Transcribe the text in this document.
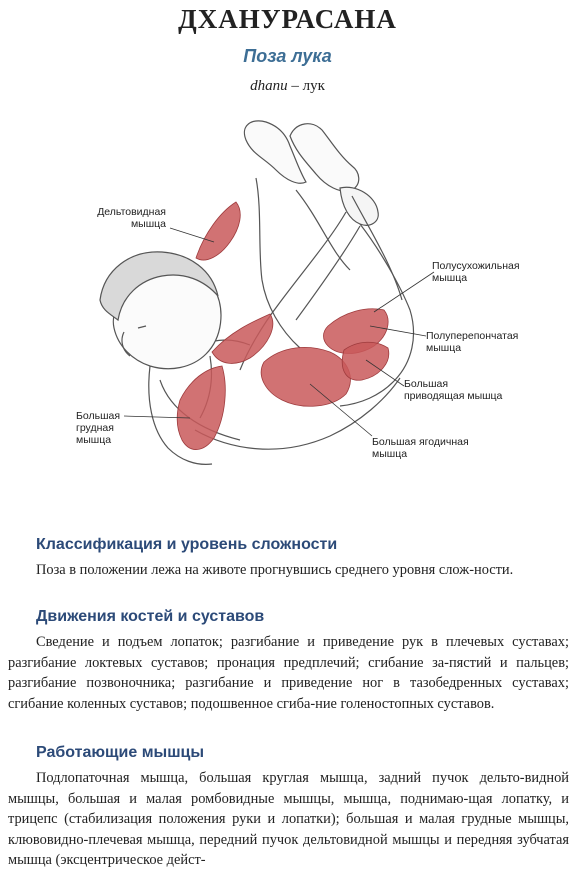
ДХАНУРАСАНА
Поза лука
dhanu – лук
Дельтовидная
мышца
Полусухожильная
мышца
Полуперепончатая
мышца
Большая
приводящая мышца
Большая
грудная
мышца	Большая ягодичная
мышца
Классификация и уровень сложности
Поза в положении лежа на животе прогнувшись среднего уровня слож-ности.
Движения костей и суставов
Сведение и подъем лопаток; разгибание и приведение рук в плечевых суставах; разгибание локтевых суставов; пронация предплечий; сгибание за-пястий и пальцев; разгибание позвоночника; разгибание и приведение ног в тазобедренных суставах; сгибание коленных суставов; подошвенное сгиба-ние голеностопных суставов.
Работающие мышцы
Подлопаточная мышца, большая круглая мышца, задний пучок дельто-видной мышцы, большая и малая ромбовидные мышцы, мышца, поднимаю-щая лопатку, и трицепс (стабилизация положения руки и лопатки); большая и малая грудные мышцы, клювовидно-плечевая мышца, передний пучок дельтовидной мышцы и передняя зубчатая мышца (эксцентрическое дейст-
